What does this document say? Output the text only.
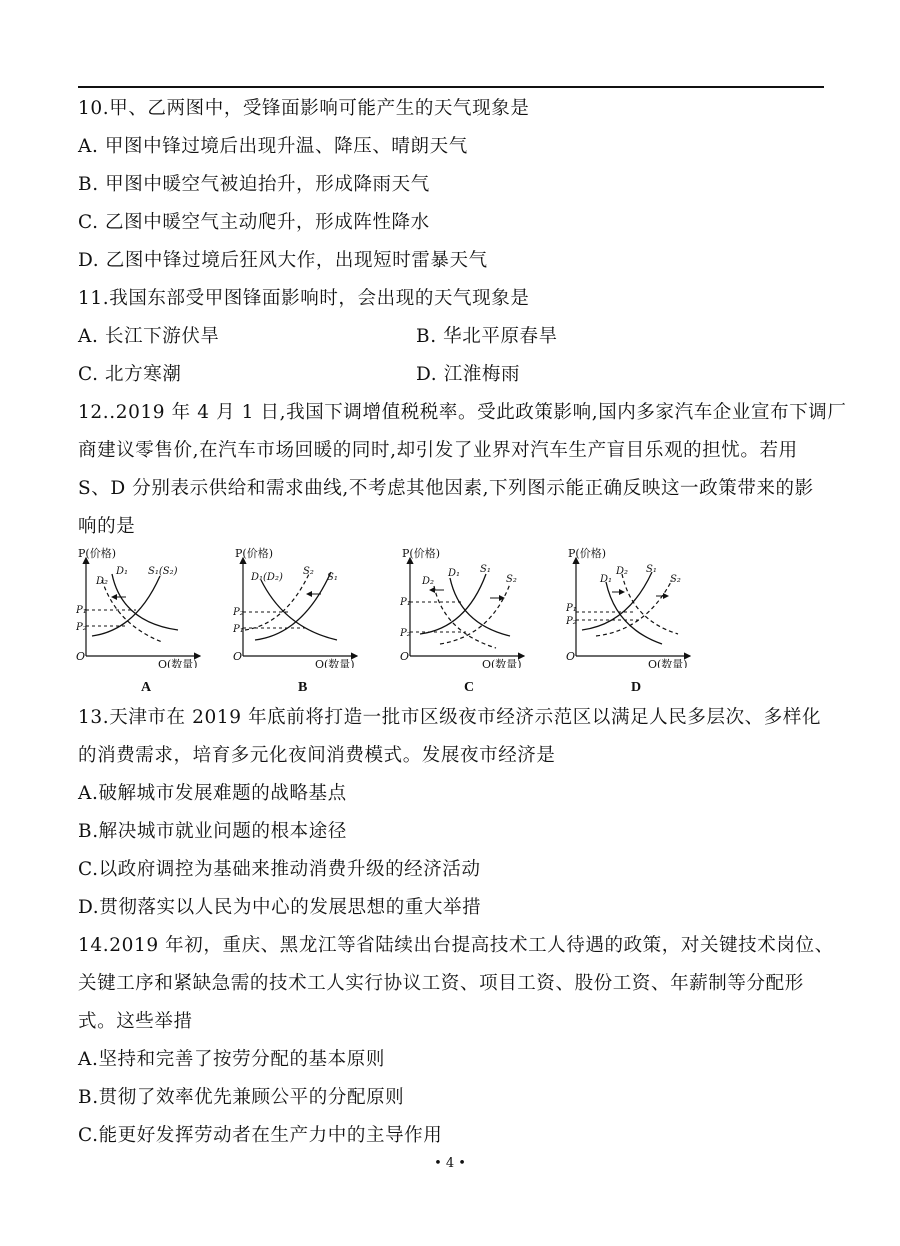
10.甲、乙两图中，受锋面影响可能产生的天气现象是
A. 甲图中锋过境后出现升温、降压、晴朗天气
B. 甲图中暖空气被迫抬升，形成降雨天气
C. 乙图中暖空气主动爬升，形成阵性降水
D. 乙图中锋过境后狂风大作，出现短时雷暴天气
11.我国东部受甲图锋面影响时，会出现的天气现象是
A. 长江下游伏旱	B. 华北平原春旱
C. 北方寒潮	D. 江淮梅雨
12..2019 年 4 月 1 日,我国下调增值税税率。受此政策影响,国内多家汽车企业宣布下调厂
商建议零售价,在汽车市场回暖的同时,却引发了业界对汽车生产盲目乐观的担忧。若用
S、D 分别表示供给和需求曲线,不考虑其他因素,下列图示能正确反映这一政策带来的影
响的是
P(价格)
Q(数量)
O
D₁
D₂
S₁(S₂)
P₁
P₂
A
P(价格)
Q(数量)
O
D₁(D₂)
S₂
S₁
P₂
P₁
B
P(价格)
Q(数量)
O
D₁
D₂
S₁
S₂
P₁
P₂
C
P(价格)
Q(数量)
O
D₁
D₂ S₁
S₂
P₁
P₂
D
13.天津市在 2019 年底前将打造一批市区级夜市经济示范区以满足人民多层次、多样化
的消费需求，培育多元化夜间消费模式。发展夜市经济是
A.破解城市发展难题的战略基点
B.解决城市就业问题的根本途径
C.以政府调控为基础来推动消费升级的经济活动
D.贯彻落实以人民为中心的发展思想的重大举措
14.2019 年初，重庆、黑龙江等省陆续出台提高技术工人待遇的政策，对关键技术岗位、
关键工序和紧缺急需的技术工人实行协议工资、项目工资、股份工资、年薪制等分配形
式。这些举措
A.坚持和完善了按劳分配的基本原则
B.贯彻了效率优先兼顾公平的分配原则
C.能更好发挥劳动者在生产力中的主导作用
• 4 •
